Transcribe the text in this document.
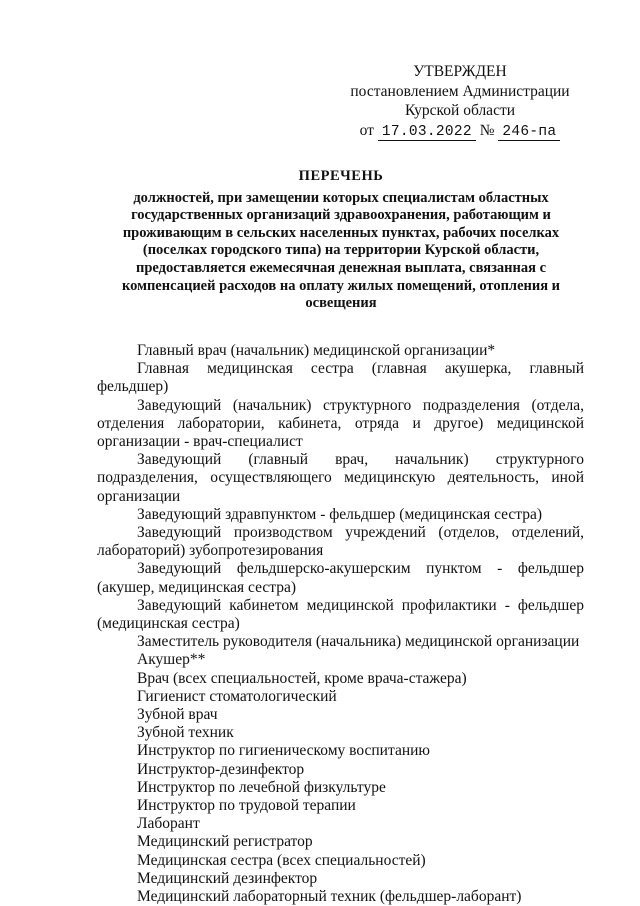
УТВЕРЖДЕН
постановлением Администрации
Курской области
от 17.03.2022 № 246-па
ПЕРЕЧЕНЬ
должностей, при замещении которых специалистам областных
государственных организаций здравоохранения, работающим и
проживающим в сельских населенных пунктах, рабочих поселках
(поселках городского типа) на территории Курской области,
предоставляется ежемесячная денежная выплата, связанная с
компенсацией расходов на оплату жилых помещений, отопления и
освещения
Главный врач (начальник) медицинской организации*
Главная медицинская сестра (главная акушерка, главный фельдшер)
Заведующий (начальник) структурного подразделения (отдела, отделения лаборатории, кабинета, отряда и другое) медицинской организации - врач-специалист
Заведующий (главный врач, начальник) структурного подразделения, осуществляющего медицинскую деятельность, иной организации
Заведующий здравпунктом - фельдшер (медицинская сестра)
Заведующий производством учреждений (отделов, отделений, лабораторий) зубопротезирования
Заведующий фельдшерско-акушерским пунктом - фельдшер (акушер, медицинская сестра)
Заведующий кабинетом медицинской профилактики - фельдшер (медицинская сестра)
Заместитель руководителя (начальника) медицинской организации
Акушер**
Врач (всех специальностей, кроме врача-стажера)
Гигиенист стоматологический
Зубной врач
Зубной техник
Инструктор по гигиеническому воспитанию
Инструктор-дезинфектор
Инструктор по лечебной физкультуре
Инструктор по трудовой терапии
Лаборант
Медицинский регистратор
Медицинская сестра (всех специальностей)
Медицинский дезинфектор
Медицинский лабораторный техник (фельдшер-лаборант)
